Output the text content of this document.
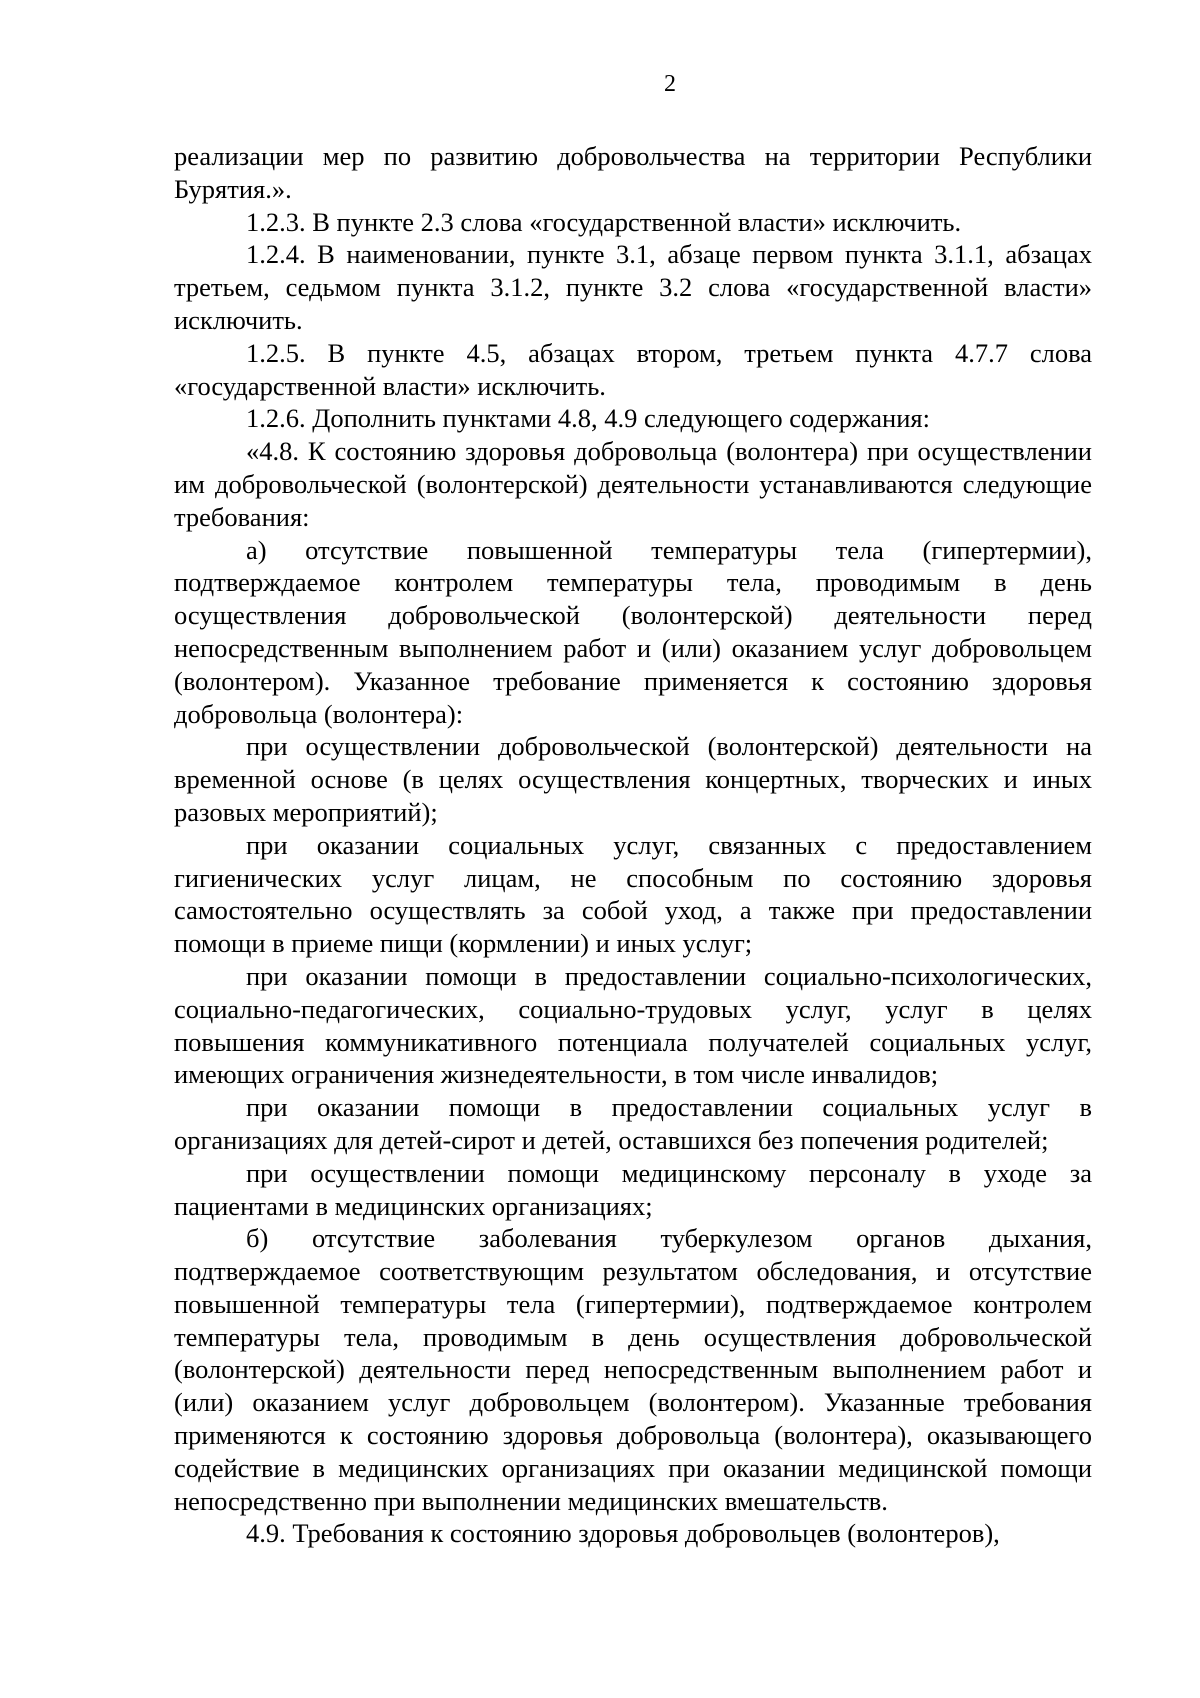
2

реализации мер по развитию добровольчества на территории Республики Бурятия.».

1.2.3. В пункте 2.3 слова «государственной власти» исключить.

1.2.4. В наименовании, пункте 3.1, абзаце первом пункта 3.1.1, абзацах третьем, седьмом пункта 3.1.2, пункте 3.2 слова «государственной власти» исключить.

1.2.5. В пункте 4.5, абзацах втором, третьем пункта 4.7.7 слова «государственной власти» исключить.

1.2.6. Дополнить пунктами 4.8, 4.9 следующего содержания:

«4.8. К состоянию здоровья добровольца (волонтера) при осуществлении им добровольческой (волонтерской) деятельности устанавливаются следующие требования:

а) отсутствие повышенной температуры тела (гипертермии), подтверждаемое контролем температуры тела, проводимым в день осуществления добровольческой (волонтерской) деятельности перед непосредственным выполнением работ и (или) оказанием услуг добровольцем (волонтером). Указанное требование применяется к состоянию здоровья добровольца (волонтера):

при осуществлении добровольческой (волонтерской) деятельности на временной основе (в целях осуществления концертных, творческих и иных разовых мероприятий);

при оказании социальных услуг, связанных с предоставлением гигиенических услуг лицам, не способным по состоянию здоровья самостоятельно осуществлять за собой уход, а также при предоставлении помощи в приеме пищи (кормлении) и иных услуг;

при оказании помощи в предоставлении социально-психологических, социально-педагогических, социально-трудовых услуг, услуг в целях повышения коммуникативного потенциала получателей социальных услуг, имеющих ограничения жизнедеятельности, в том числе инвалидов;

при оказании помощи в предоставлении социальных услуг в организациях для детей-сирот и детей, оставшихся без попечения родителей;

при осуществлении помощи медицинскому персоналу в уходе за пациентами в медицинских организациях;

б) отсутствие заболевания туберкулезом органов дыхания, подтверждаемое соответствующим результатом обследования, и отсутствие повышенной температуры тела (гипертермии), подтверждаемое контролем температуры тела, проводимым в день осуществления добровольческой (волонтерской) деятельности перед непосредственным выполнением работ и (или) оказанием услуг добровольцем (волонтером). Указанные требования применяются к состоянию здоровья добровольца (волонтера), оказывающего содействие в медицинских организациях при оказании медицинской помощи непосредственно при выполнении медицинских вмешательств.

4.9. Требования к состоянию здоровья добровольцев (волонтеров),
